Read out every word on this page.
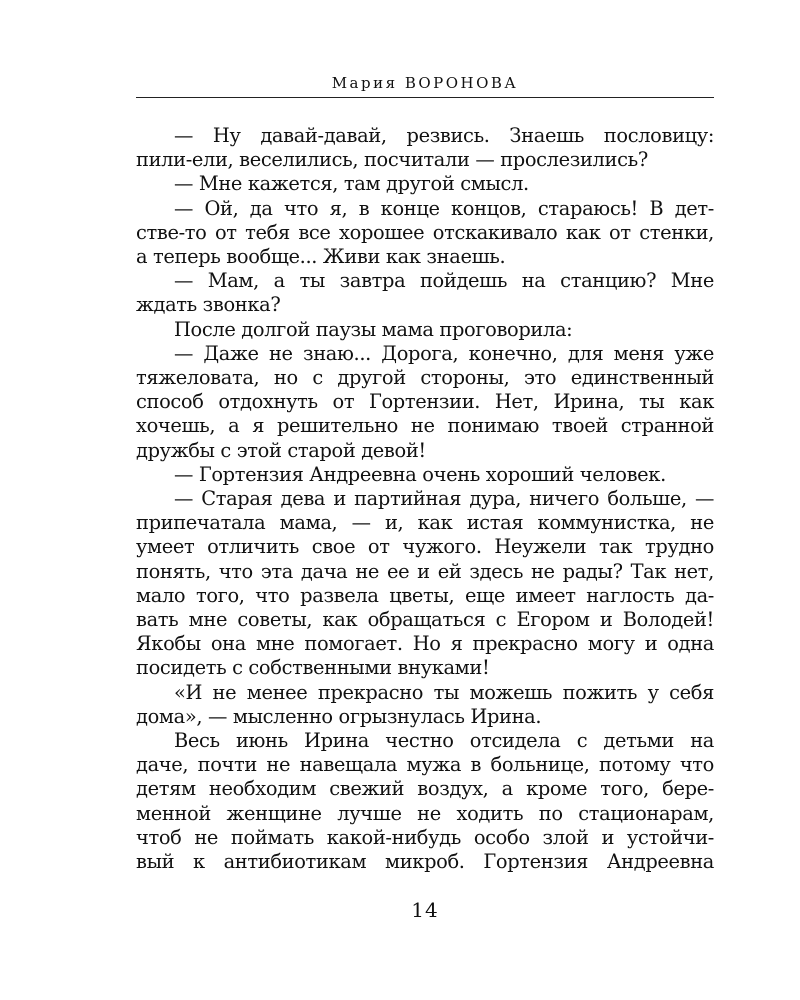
Мария ВОРОНОВА
— Ну давай-давай, резвись. Знаешь пословицу:
пили-ели, веселились, посчитали — прослезились?
— Мне кажется, там другой смысл.
— Ой, да что я, в конце концов, стараюсь! В дет-
стве-то от тебя все хорошее отскакивало как от стенки,
а теперь вообще... Живи как знаешь.
— Мам, а ты завтра пойдешь на станцию? Мне
ждать звонка?
После долгой паузы мама проговорила:
— Даже не знаю... Дорога, конечно, для меня уже
тяжеловата, но с другой стороны, это единственный
способ отдохнуть от Гортензии. Нет, Ирина, ты как
хочешь, а я решительно не понимаю твоей странной
дружбы с этой старой девой!
— Гортензия Андреевна очень хороший человек.
— Старая дева и партийная дура, ничего больше, —
припечатала мама, — и, как истая коммунистка, не
умеет отличить свое от чужого. Неужели так трудно
понять, что эта дача не ее и ей здесь не рады? Так нет,
мало того, что развела цветы, еще имеет наглость да-
вать мне советы, как обращаться с Егором и Володей!
Якобы она мне помогает. Но я прекрасно могу и одна
посидеть с собственными внуками!
«И не менее прекрасно ты можешь пожить у себя
дома», — мысленно огрызнулась Ирина.
Весь июнь Ирина честно отсидела с детьми на
даче, почти не навещала мужа в больнице, потому что
детям необходим свежий воздух, а кроме того, бере-
менной женщине лучше не ходить по стационарам,
чтоб не поймать какой-нибудь особо злой и устойчи-
вый к антибиотикам микроб. Гортензия Андреевна
14
